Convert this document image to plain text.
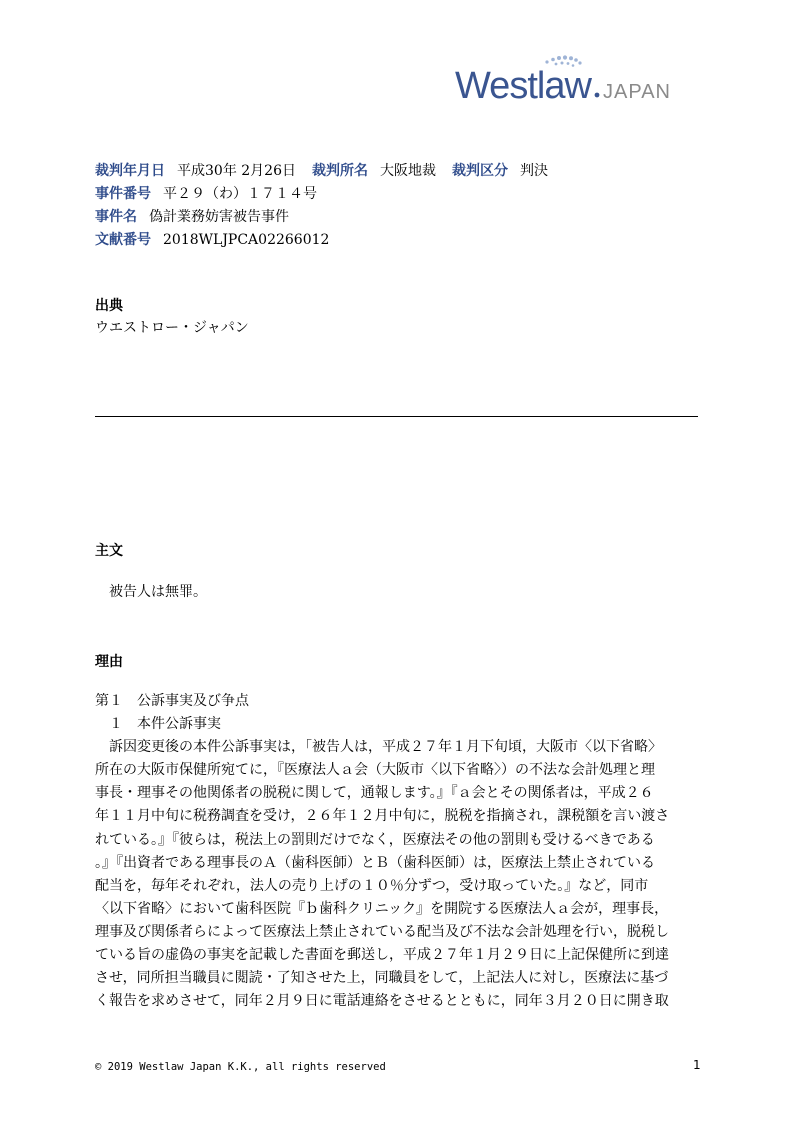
Westlaw JAPAN
裁判年月日 平成30年 2月26日 裁判所名 大阪地裁 裁判区分 判決
事件番号 平２９（わ）１７１４号
事件名 偽計業務妨害被告事件
文献番号 2018WLJPCA02266012
出典
ウエストロー・ジャパン
主文
被告人は無罪。
理由
第１　公訴事実及び争点
　１　本件公訴事実
　訴因変更後の本件公訴事実は，「被告人は，平成２７年１月下旬頃，大阪市〈以下省略〉
所在の大阪市保健所宛てに，『医療法人ａ会（大阪市〈以下省略〉）の不法な会計処理と理
事長・理事その他関係者の脱税に関して，通報します。』『ａ会とその関係者は，平成２６
年１１月中旬に税務調査を受け，２６年１２月中旬に，脱税を指摘され，課税額を言い渡さ
れている。』『彼らは，税法上の罰則だけでなく，医療法その他の罰則も受けるべきである
。』『出資者である理事長のＡ（歯科医師）とＢ（歯科医師）は，医療法上禁止されている
配当を，毎年それぞれ，法人の売り上げの１０％分ずつ，受け取っていた。』など，同市
〈以下省略〉において歯科医院『ｂ歯科クリニック』を開院する医療法人ａ会が，理事長，
理事及び関係者らによって医療法上禁止されている配当及び不法な会計処理を行い，脱税し
ている旨の虚偽の事実を記載した書面を郵送し，平成２７年１月２９日に上記保健所に到達
させ，同所担当職員に閲読・了知させた上，同職員をして，上記法人に対し，医療法に基づ
く報告を求めさせて，同年２月９日に電話連絡をさせるとともに，同年３月２０日に開き取
© 2019 Westlaw Japan K.K., all rights reserved	1
